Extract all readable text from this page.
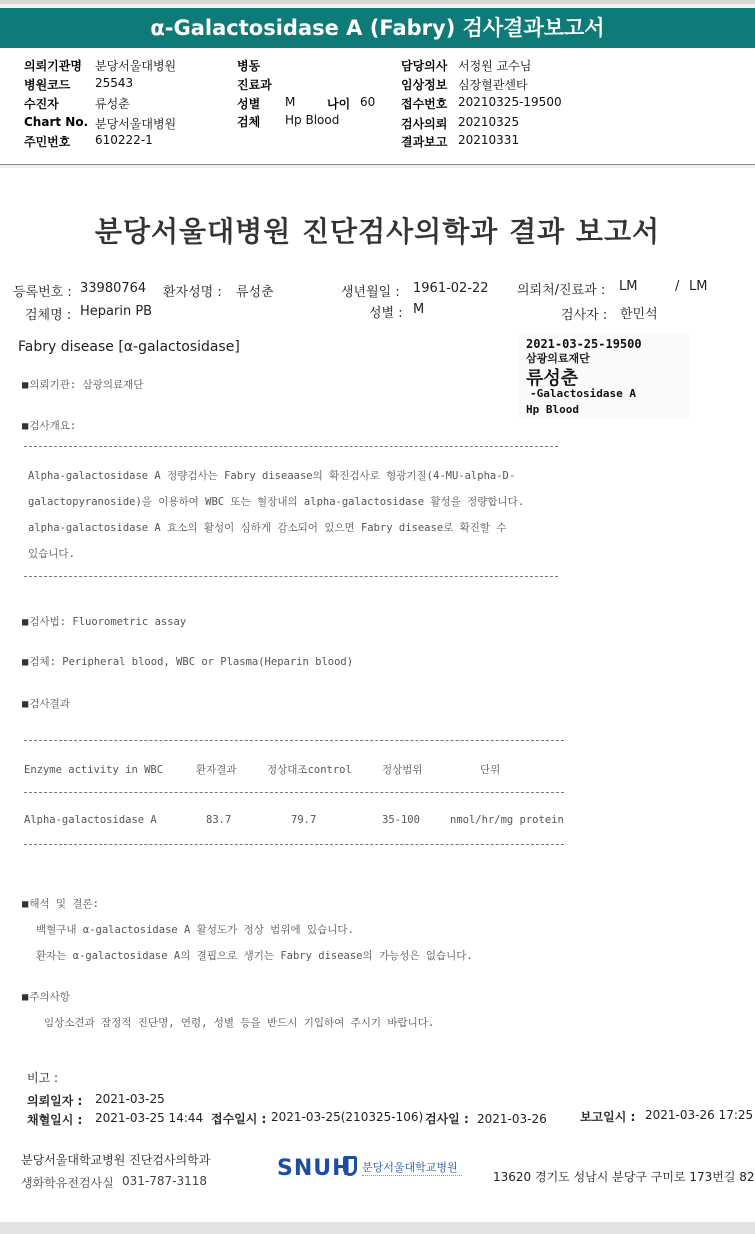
α-Galactosidase A (Fabry) 검사결과보고서
의뢰기관명 분당서울대병원
병원코드 25543
수진자	류성춘
Chart No. 분당서울대병원
주민번호 610222-1
병동
진료과
성별 M	나이 60
검체 Hp Blood
담당의사 서정원 교수님
임상정보 심장혈관센타
접수번호 20210325-19500
검사의뢰 20210325
결과보고 20210331
분당서울대병원 진단검사의학과 결과 보고서
등록번호 : 33980764 환자성명 : 류성춘	생년월일 : 1961-02-22 의뢰처/진료과 : LM	/ LM
검체명 : Heparin PB	성별 : M	검사자 : 한민석
Fabry disease [α-galactosidase]	2021-03-25-19500
삼광의료재단
류성춘
-Galactosidase A
Hp Blood
■ 의뢰기관: 삼광의료재단
■ 검사개요:
Alpha-galactosidase A 정량검사는 Fabry diseaase의 확진검사로 형광기질(4-MU-alpha-D-
galactopyranoside)을 이용하여 WBC 또는 혈장내의 alpha-galactosidase 활성을 정량합니다.
alpha-galactosidase A 효소의 활성이 심하게 감소되어 있으면 Fabry disease로 확진할 수
있습니다.
■ 검사법: Fluorometric assay
■ 검체: Peripheral blood, WBC or Plasma(Heparin blood)
■ 검사결과
Enzyme activity in WBC	환자결과	정상대조control	정상범위	단위
Alpha-galactosidase A	83.7	79.7	35-100	nmol/hr/mg protein
■ 해석 및 결론:
백혈구내 α-galactosidase A 활성도가 정상 범위에 있습니다.
환자는 α-galactosidase A의 결핍으로 생기는 Fabry disease의 가능성은 없습니다.
■ 주의사항
임상소견과 잠정적 진단명, 연령, 성별 등을 반드시 기입하여 주시기 바랍니다.
비고 :
의뢰일자 : 2021-03-25
채혈일시 : 2021-03-25 14:44 접수일시 : 2021-03-25(210325-106) 검사일 : 2021-03-26	보고일시 : 2021-03-26 17:25
분당서울대학교병원 진단검사의학과
생화학유전검사실 031-787-3118	SNUH 분당서울대학교병원
13620 경기도 성남시 분당구 구미로 173번길 82
